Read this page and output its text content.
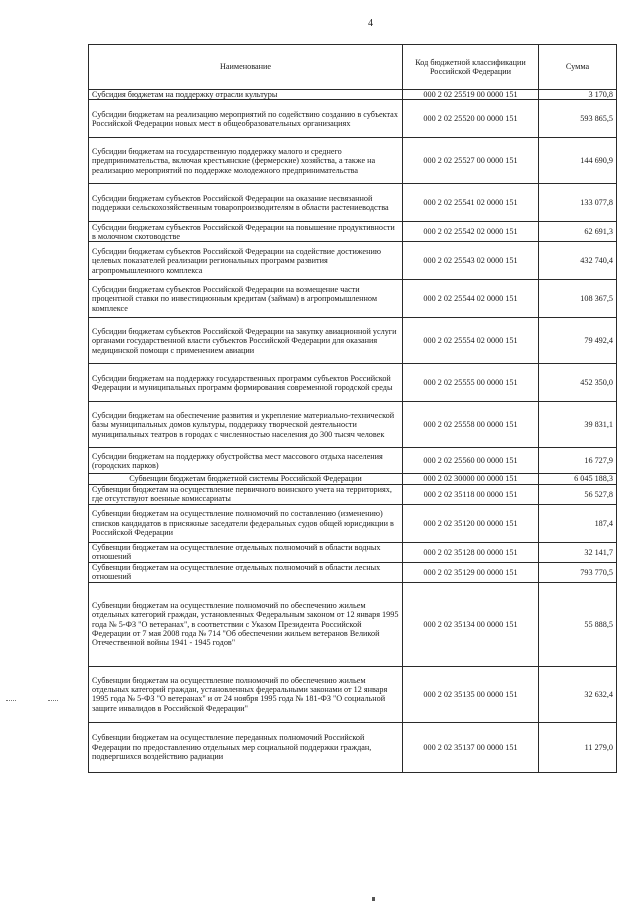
4
Наименование	Код бюджетной классификации Российской Федерации	Сумма
Субсидия бюджетам на поддержку отрасли культуры	000 2 02 25519 00 0000 151	3 170,8
Субсидии бюджетам на реализацию мероприятий по содействию созданию в субъектах Российской Федерации новых мест в общеобразовательных организациях	000 2 02 25520 00 0000 151	593 865,5
Субсидии бюджетам на государственную поддержку малого и среднего предпринимательства, включая крестьянские (фермерские) хозяйства, а также на реализацию мероприятий по поддержке молодежного предпринимательства	000 2 02 25527 00 0000 151	144 690,9
Субсидии бюджетам субъектов Российской Федерации на оказание несвязанной поддержки сельскохозяйственным товаропроизводителям в области растениеводства	000 2 02 25541 02 0000 151	133 077,8
Субсидии бюджетам субъектов Российской Федерации на повышение продуктивности в молочном скотоводстве	000 2 02 25542 02 0000 151	62 691,3
Субсидии бюджетам субъектов Российской Федерации на содействие достижению целевых показателей реализации региональных программ развития агропромышленного комплекса	000 2 02 25543 02 0000 151	432 740,4
Субсидии бюджетам субъектов Российской Федерации на возмещение части процентной ставки по инвестиционным кредитам (займам) в агропромышленном комплексе	000 2 02 25544 02 0000 151	108 367,5
Субсидии бюджетам субъектов Российской Федерации на закупку авиационной услуги органами государственной власти субъектов Российской Федерации для оказания медицинской помощи с применением авиации	000 2 02 25554 02 0000 151	79 492,4
Субсидии бюджетам на поддержку государственных программ субъектов Российской Федерации и муниципальных программ формирования современной городской среды	000 2 02 25555 00 0000 151	452 350,0
Субсидии бюджетам на обеспечение развития и укрепление материально-технической базы муниципальных домов культуры, поддержку творческой деятельности муниципальных театров в городах с численностью населения до 300 тысяч человек	000 2 02 25558 00 0000 151	39 831,1
Субсидии бюджетам на поддержку обустройства мест массового отдыха населения (городских парков)	000 2 02 25560 00 0000 151	16 727,9
Субвенции бюджетам бюджетной системы Российской Федерации	000 2 02 30000 00 0000 151	6 045 188,3
Субвенции бюджетам на осуществление первичного воинского учета на территориях, где отсутствуют военные комиссариаты	000 2 02 35118 00 0000 151	56 527,8
Субвенции бюджетам на осуществление полномочий по составлению (изменению) списков кандидатов в присяжные заседатели федеральных судов общей юрисдикции в Российской Федерации	000 2 02 35120 00 0000 151	187,4
Субвенции бюджетам на осуществление отдельных полномочий в области водных отношений	000 2 02 35128 00 0000 151	32 141,7
Субвенции бюджетам на осуществление отдельных полномочий в области лесных отношений	000 2 02 35129 00 0000 151	793 770,5
Субвенции бюджетам на осуществление полномочий по обеспечению жильем отдельных категорий граждан, установленных Федеральным законом от 12 января 1995 года № 5-ФЗ "О ветеранах", в соответствии с Указом Президента Российской Федерации от 7 мая 2008 года № 714 "Об обеспечении жильем ветеранов Великой Отечественной войны 1941 - 1945 годов"	000 2 02 35134 00 0000 151	55 888,5
Субвенции бюджетам на осуществление полномочий по обеспечению жильем отдельных категорий граждан, установленных федеральными законами от 12 января 1995 года № 5-ФЗ "О ветеранах" и от 24 ноября 1995 года № 181-ФЗ "О социальной защите инвалидов в Российской Федерации"	000 2 02 35135 00 0000 151	32 632,4
Субвенции бюджетам на осуществление переданных полномочий Российской Федерации по предоставлению отдельных мер социальной поддержки граждан, подвергшихся воздействию радиации	000 2 02 35137 00 0000 151	11 279,0
